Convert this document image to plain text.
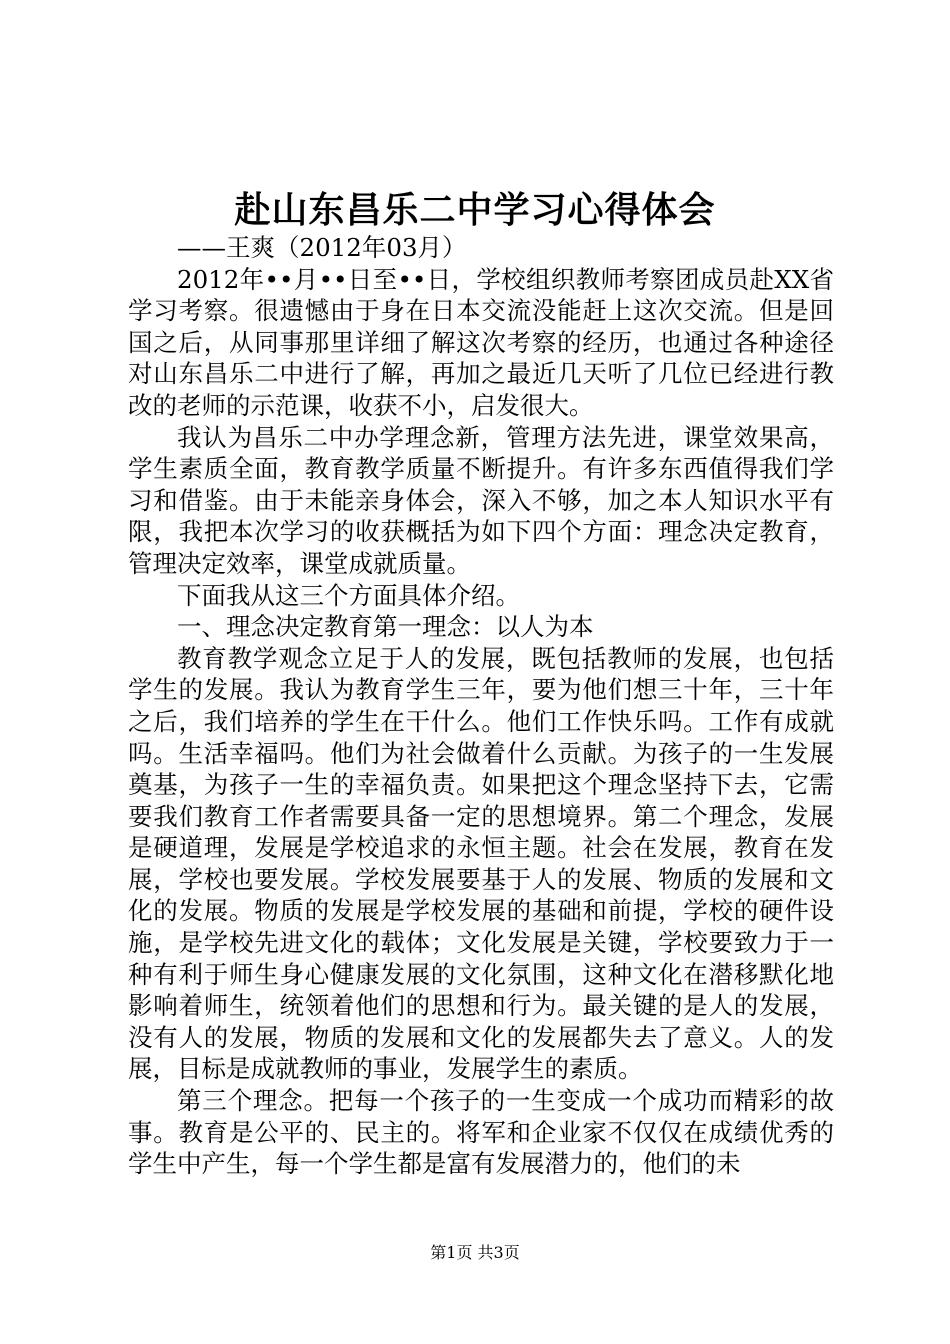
赴山东昌乐二中学习心得体会

——王爽（2012年03月）

2012年••月••日至••日，学校组织教师考察团成员赴XX省学习考察。很遗憾由于身在日本交流没能赶上这次交流。但是回国之后，从同事那里详细了解这次考察的经历，也通过各种途径对山东昌乐二中进行了解，再加之最近几天听了几位已经进行教改的老师的示范课，收获不小，启发很大。

我认为昌乐二中办学理念新，管理方法先进，课堂效果高，学生素质全面，教育教学质量不断提升。有许多东西值得我们学习和借鉴。由于未能亲身体会，深入不够，加之本人知识水平有限，我把本次学习的收获概括为如下四个方面：理念决定教育，管理决定效率，课堂成就质量。

下面我从这三个方面具体介绍。

一、理念决定教育第一理念：以人为本

教育教学观念立足于人的发展，既包括教师的发展，也包括学生的发展。我认为教育学生三年，要为他们想三十年，三十年之后，我们培养的学生在干什么。他们工作快乐吗。工作有成就吗。生活幸福吗。他们为社会做着什么贡献。为孩子的一生发展奠基，为孩子一生的幸福负责。如果把这个理念坚持下去，它需要我们教育工作者需要具备一定的思想境界。第二个理念，发展是硬道理，发展是学校追求的永恒主题。社会在发展，教育在发展，学校也要发展。学校发展要基于人的发展、物质的发展和文化的发展。物质的发展是学校发展的基础和前提，学校的硬件设施，是学校先进文化的载体；文化发展是关键，学校要致力于一种有利于师生身心健康发展的文化氛围，这种文化在潜移默化地影响着师生，统领着他们的思想和行为。最关键的是人的发展，没有人的发展，物质的发展和文化的发展都失去了意义。人的发展，目标是成就教师的事业，发展学生的素质。

第三个理念。把每一个孩子的一生变成一个成功而精彩的故事。教育是公平的、民主的。将军和企业家不仅仅在成绩优秀的学生中产生，每一个学生都是富有发展潜力的，他们的未

第1页 共3页
